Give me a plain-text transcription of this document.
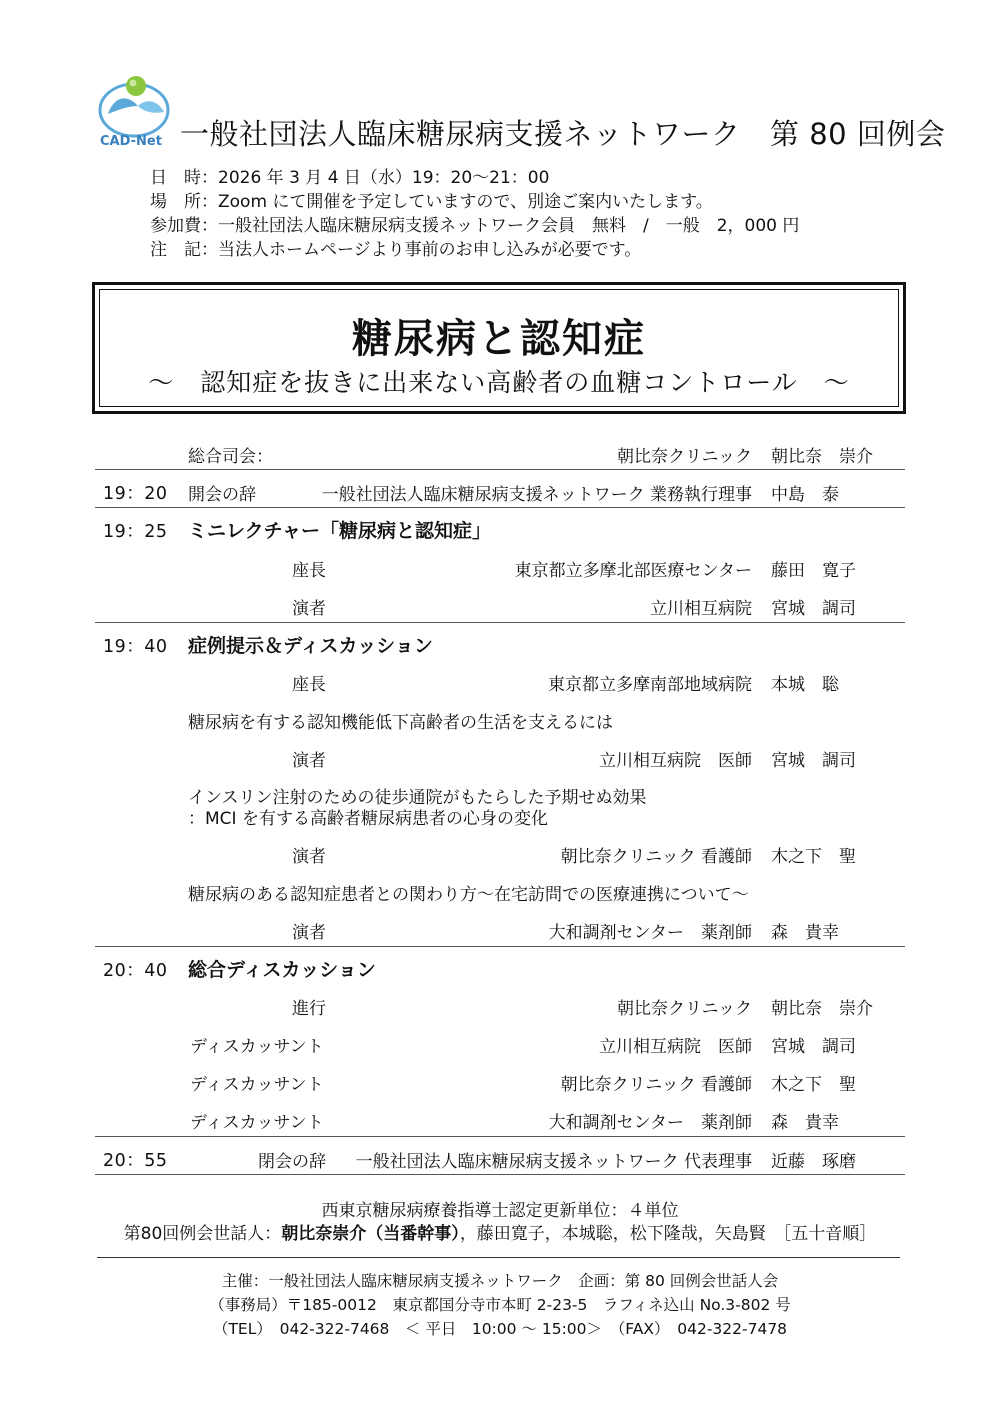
CAD-Net 一般社団法人臨床糖尿病支援ネットワーク　第 80 回例会
日　時：2026 年 3 月 4 日（水）19：20～21：00
場　所：Zoom にて開催を予定していますので、別途ご案内いたします。
参加費：一般社団法人臨床糖尿病支援ネットワーク会員　無料　/　一般　2，000 円
注　記：当法人ホームページより事前のお申し込みが必要です。
糖尿病と認知症
～　認知症を抜きに出来ない高齢者の血糖コントロール　～
総合司会：	朝比奈クリニック 朝比奈　崇介
19：20 開会の辞	一般社団法人臨床糖尿病支援ネットワーク 業務執行理事 中島　泰
19：25 ミニレクチャー「糖尿病と認知症」
座長	東京都立多摩北部医療センター 藤田　寛子
演者	立川相互病院 宮城　調司
19：40 症例提示＆ディスカッション
座長	東京都立多摩南部地域病院 本城　聡
糖尿病を有する認知機能低下高齢者の生活を支えるには
演者	立川相互病院　医師 宮城　調司
インスリン注射のための徒歩通院がもたらした予期せぬ効果
：MCI を有する高齢者糖尿病患者の心身の変化
演者	朝比奈クリニック 看護師 木之下　聖
糖尿病のある認知症患者との関わり方～在宅訪問での医療連携について～
演者	大和調剤センター　薬剤師 森　貴幸
20：40 総合ディスカッション
進行	朝比奈クリニック 朝比奈　崇介
ディスカッサント	立川相互病院　医師 宮城　調司
ディスカッサント	朝比奈クリニック 看護師 木之下　聖
ディスカッサント	大和調剤センター　薬剤師 森　貴幸
20：55	閉会の辞 一般社団法人臨床糖尿病支援ネットワーク 代表理事 近藤　琢磨
西東京糖尿病療養指導士認定更新単位：４単位
第80回例会世話人：朝比奈崇介（当番幹事），藤田寛子，本城聡，松下隆哉，矢島賢　［五十音順］
主催：一般社団法人臨床糖尿病支援ネットワーク　企画：第 80 回例会世話人会
（事務局）〒185-0012　東京都国分寺市本町 2-23-5　ラフィネ込山 No.3-802 号
（TEL）　042-322-7468　＜ 平日　10:00 ～ 15:00＞　（FAX）　042-322-7478
